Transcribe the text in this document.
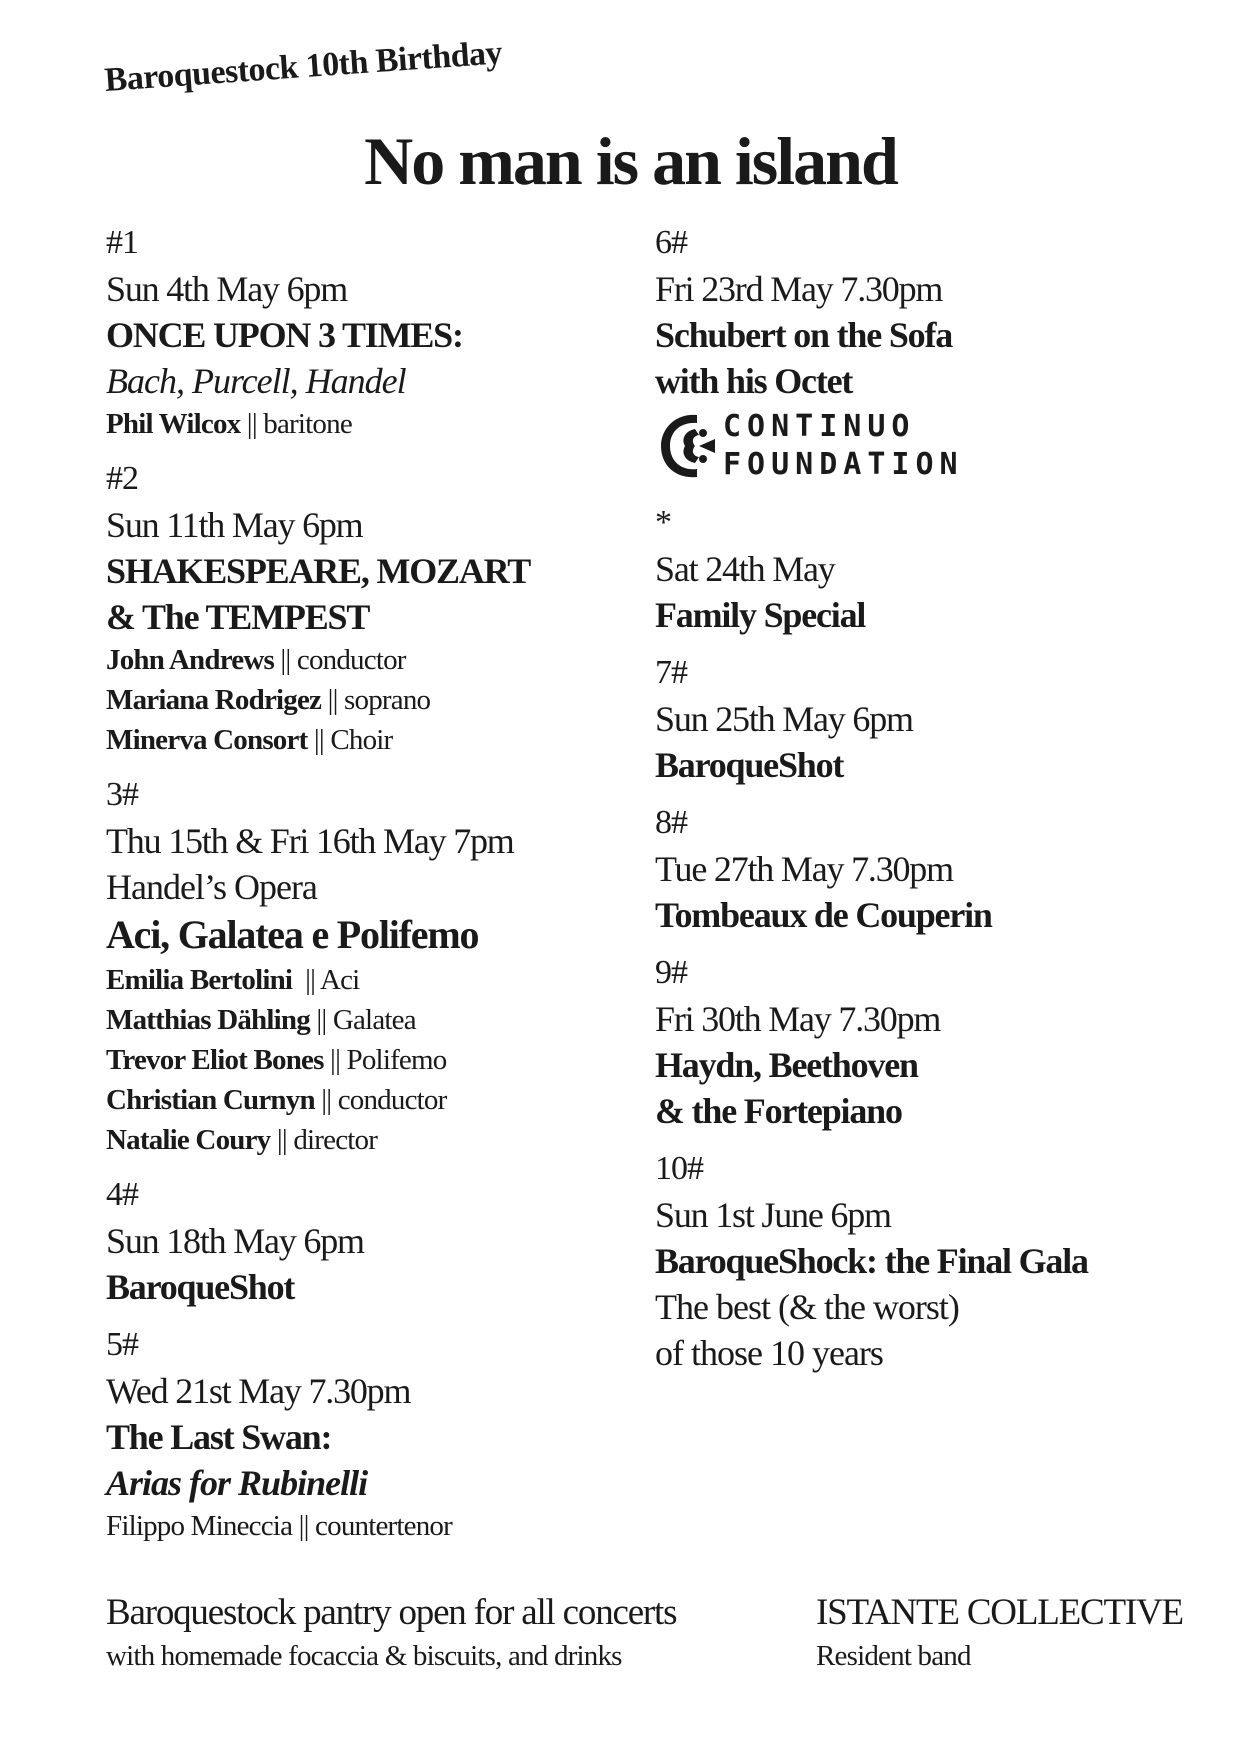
Baroquestock 10th Birthday
No man is an island
#1
Sun 4th May 6pm
ONCE UPON 3 TIMES:
Bach, Purcell, Handel
Phil Wilcox || baritone
#2
Sun 11th May 6pm
SHAKESPEARE, MOZART
& The TEMPEST
John Andrews || conductor
Mariana Rodrigez || soprano
Minerva Consort || Choir
3#
Thu 15th & Fri 16th May 7pm
Handel’s Opera
Aci, Galatea e Polifemo
Emilia Bertolini  || Aci
Matthias Dähling || Galatea
Trevor Eliot Bones || Polifemo
Christian Curnyn || conductor
Natalie Coury || director
4#
Sun 18th May 6pm
BaroqueShot
5#
Wed 21st May 7.30pm
The Last Swan:
Arias for Rubinelli
Filippo Mineccia || countertenor
6#
Fri 23rd May 7.30pm
Schubert on the Sofa
with his Octet
CONTINUO
FOUNDATION
*
Sat 24th May
Family Special
7#
Sun 25th May 6pm
BaroqueShot
8#
Tue 27th May 7.30pm
Tombeaux de Couperin
9#
Fri 30th May 7.30pm
Haydn, Beethoven
& the Fortepiano
10#
Sun 1st June 6pm
BaroqueShock: the Final Gala
The best (& the worst)
of those 10 years
Baroquestock pantry open for all concerts
with homemade focaccia & biscuits, and drinks
ISTANTE COLLECTIVE
Resident band
